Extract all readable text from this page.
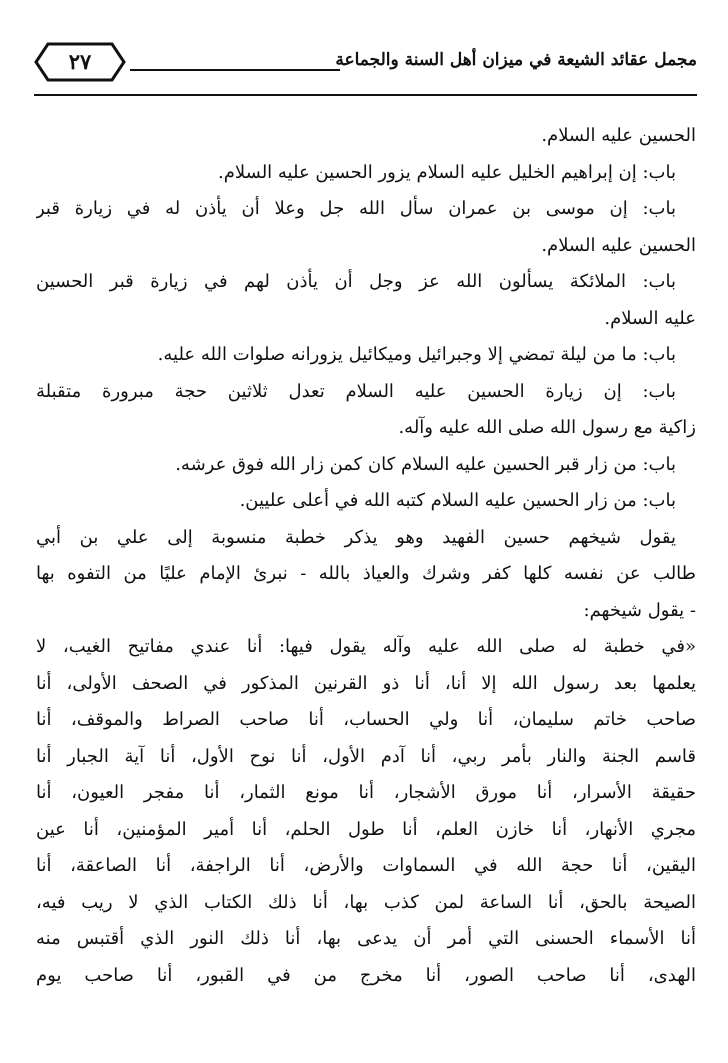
مجمل عقائد الشيعة في ميزان أهل السنة والجماعة
٢٧
الحسين عليه السلام.
باب: إن إبراهيم الخليل عليه السلام يزور الحسين عليه السلام.
باب: إن موسى بن عمران سأل الله جل وعلا أن يأذن له في زيارة قبر
الحسين عليه السلام.
باب: الملائكة يسألون الله عز وجل أن يأذن لهم في زيارة قبر الحسين
عليه السلام.
باب: ما من ليلة تمضي إلا وجبرائيل وميكائيل يزورانه صلوات الله عليه.
باب: إن زيارة الحسين عليه السلام تعدل ثلاثين حجة مبرورة متقبلة
زاكية مع رسول الله صلى الله عليه وآله.
باب: من زار قبر الحسين عليه السلام كان كمن زار الله فوق عرشه.
باب: من زار الحسين عليه السلام كتبه الله في أعلى عليين.
يقول شيخهم حسين الفهيد وهو يذكر خطبة منسوبة إلى علي بن أبي
طالب عن نفسه كلها كفر وشرك والعياذ بالله - نبرئ الإمام عليًا من التفوه بها
- يقول شيخهم:
«في خطبة له صلى الله عليه وآله يقول فيها: أنا عندي مفاتيح الغيب، لا
يعلمها بعد رسول الله إلا أنا، أنا ذو القرنين المذكور في الصحف الأولى، أنا
صاحب خاتم سليمان، أنا ولي الحساب، أنا صاحب الصراط والموقف، أنا
قاسم الجنة والنار بأمر ربي، أنا آدم الأول، أنا نوح الأول، أنا آية الجبار أنا
حقيقة الأسرار، أنا مورق الأشجار، أنا مونع الثمار، أنا مفجر العيون، أنا
مجري الأنهار، أنا خازن العلم، أنا طول الحلم، أنا أمير المؤمنين، أنا عين
اليقين، أنا حجة الله في السماوات والأرض، أنا الراجفة، أنا الصاعقة، أنا
الصيحة بالحق، أنا الساعة لمن كذب بها، أنا ذلك الكتاب الذي لا ريب فيه،
أنا الأسماء الحسنى التي أمر أن يدعى بها، أنا ذلك النور الذي أقتبس منه
الهدى، أنا صاحب الصور، أنا مخرج من في القبور، أنا صاحب يوم
